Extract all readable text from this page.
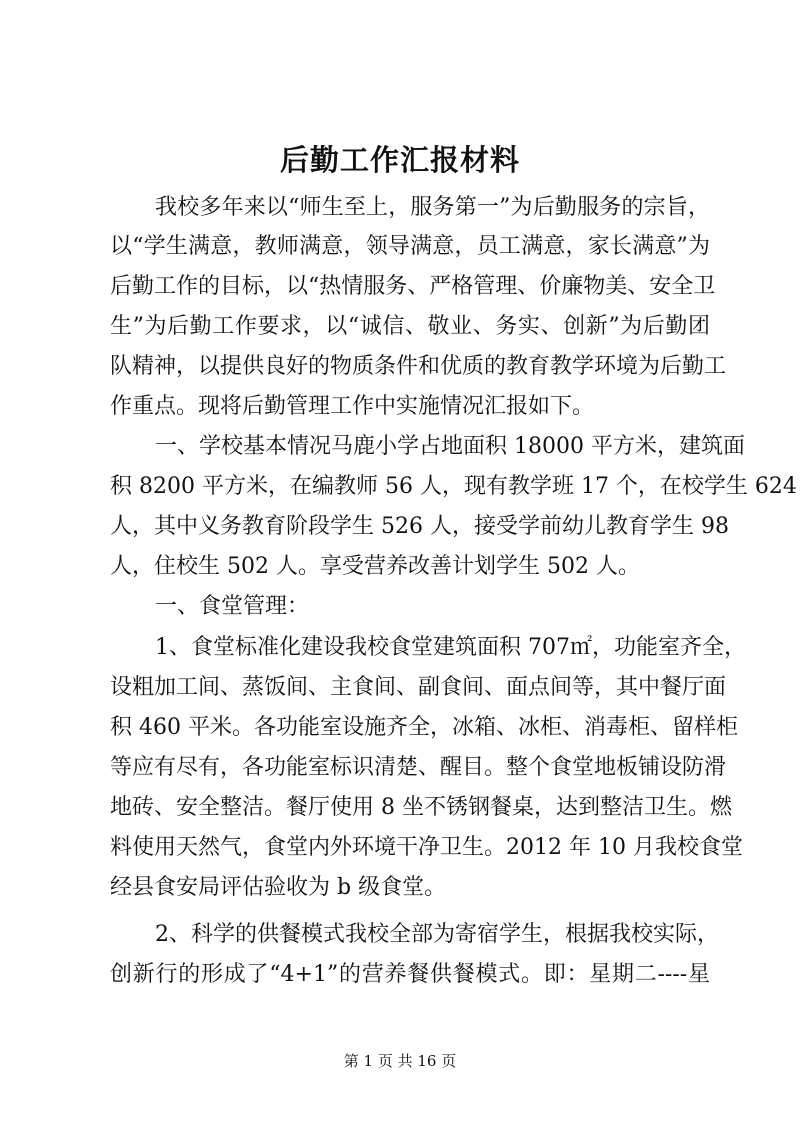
后勤工作汇报材料
我校多年来以“师生至上，服务第一”为后勤服务的宗旨，
以“学生满意，教师满意，领导满意，员工满意，家长满意”为
后勤工作的目标，以“热情服务、严格管理、价廉物美、安全卫
生”为后勤工作要求，以“诚信、敬业、务实、创新”为后勤团
队精神，以提供良好的物质条件和优质的教育教学环境为后勤工
作重点。现将后勤管理工作中实施情况汇报如下。
一、学校基本情况马鹿小学占地面积 18000 平方米，建筑面
积 8200 平方米，在编教师 56 人，现有教学班 17 个，在校学生 624
人，其中义务教育阶段学生 526 人，接受学前幼儿教育学生 98
人，住校生 502 人。享受营养改善计划学生 502 人。
一、食堂管理：
1、食堂标准化建设我校食堂建筑面积 707㎡，功能室齐全，
设粗加工间、蒸饭间、主食间、副食间、面点间等，其中餐厅面
积 460 平米。各功能室设施齐全，冰箱、冰柜、消毒柜、留样柜
等应有尽有，各功能室标识清楚、醒目。整个食堂地板铺设防滑
地砖、安全整洁。餐厅使用 8 坐不锈钢餐桌，达到整洁卫生。燃
料使用天然气，食堂内外环境干净卫生。2012 年 10 月我校食堂
经县食安局评估验收为 b 级食堂。
2、科学的供餐模式我校全部为寄宿学生，根据我校实际，
创新行的形成了“4+1”的营养餐供餐模式。即：星期二----星
第 1 页 共 16 页
